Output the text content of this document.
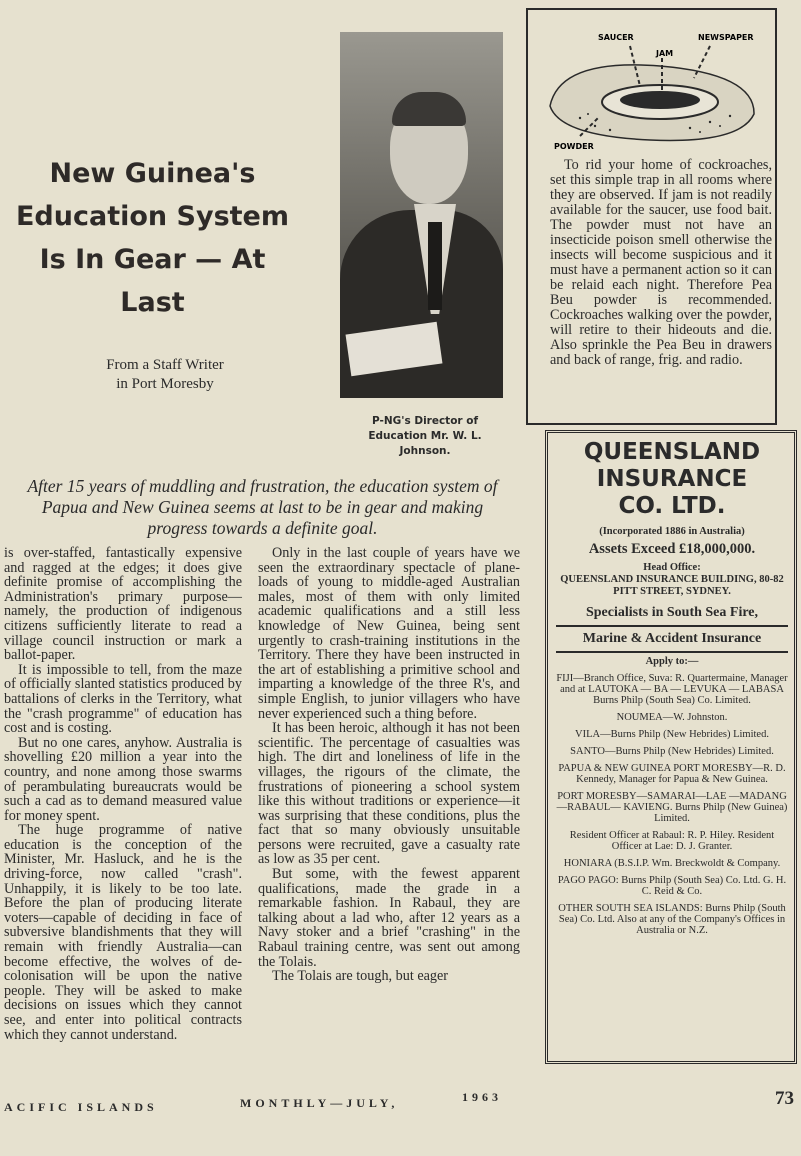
New Guinea's Education System Is In Gear — At Last
From a Staff Writer
in Port Moresby
P-NG's Director of Education Mr. W. L. Johnson.

After 15 years of muddling and frustration, the education system of Papua and New Guinea seems at last to be in gear and making progress towards a definite goal.

is over-staffed, fantastically expensive and ragged at the edges; it does give definite promise of accomplishing the Administration's primary purpose—namely, the production of indigenous citizens sufficiently literate to read a village council instruction or mark a ballot-paper.

It is impossible to tell, from the maze of officially slanted statistics produced by battalions of clerks in the Territory, what the "crash programme" of education has cost and is costing.

But no one cares, anyhow. Australia is shovelling £20 million a year into the country, and none among those swarms of perambulating bureaucrats would be such a cad as to demand measured value for money spent.

The huge programme of native education is the conception of the Minister, Mr. Hasluck, and he is the driving-force, now called "crash". Unhappily, it is likely to be too late. Before the plan of producing literate voters—capable of deciding in face of subversive blandishments that they will remain with friendly Australia—can become effective, the wolves of de-colonisation will be upon the native people. They will be asked to make decisions on issues which they cannot see, and enter into political contracts which they cannot understand.

Only in the last couple of years have we seen the extraordinary spectacle of plane-loads of young to middle-aged Australian males, most of them with only limited academic qualifications and a still less knowledge of New Guinea, being sent urgently to crash-training institutions in the Territory. There they have been instructed in the art of establishing a primitive school and imparting a knowledge of the three R's, and simple English, to junior villagers who have never experienced such a thing before.

It has been heroic, although it has not been scientific. The percentage of casualties was high. The dirt and loneliness of life in the villages, the rigours of the climate, the frustrations of pioneering a school system like this without traditions or experience—it was surprising that these conditions, plus the fact that so many obviously unsuitable persons were recruited, gave a casualty rate as low as 35 per cent.

But some, with the fewest apparent qualifications, made the grade in a remarkable fashion. In Rabaul, they are talking about a lad who, after 12 years as a Navy stoker and a brief "crashing" in the Rabaul training centre, was sent out among the Tolais.

The Tolais are tough, but eager

SAUCER
JAM
NEWSPAPER
POWDER

To rid your home of cockroaches, set this simple trap in all rooms where they are observed. If jam is not readily available for the saucer, use food bait. The powder must not have an insecticide poison smell otherwise the insects will become suspicious and it must have a permanent action so it can be relaid each night. Therefore Pea Beu powder is recommended. Cockroaches walking over the powder, will retire to their hideouts and die. Also sprinkle the Pea Beu in drawers and back of range, frig. and radio.

QUEENSLAND

INSURANCE

CO. LTD.

(Incorporated 1886 in Australia)

Assets Exceed £18,000,000.

Head Office:

QUEENSLAND INSURANCE BUILDING, 80-82 PITT STREET, SYDNEY.

Specialists in South Sea Fire,

Marine & Accident Insurance

Apply to:—

FIJI—Branch Office, Suva: R. Quartermaine, Manager and at LAUTOKA — BA — LEVUKA — LABASA Burns Philp (South Sea) Co. Limited.

NOUMEA—W. Johnston.

VILA—Burns Philp (New Hebrides) Limited.

SANTO—Burns Philp (New Hebrides) Limited.

PAPUA & NEW GUINEA PORT MORESBY—R. D. Kennedy, Manager for Papua & New Guinea.

PORT MORESBY—SAMARAI—LAE —MADANG—RABAUL— KAVIENG. Burns Philp (New Guinea) Limited.

Resident Officer at Rabaul: R. P. Hiley. Resident Officer at Lae: D. J. Granter.

HONIARA (B.S.I.P. Wm. Breckwoldt & Company.

PAGO PAGO: Burns Philp (South Sea) Co. Ltd. G. H. C. Reid & Co.

OTHER SOUTH SEA ISLANDS: Burns Philp (South Sea) Co. Ltd. Also at any of the Company's Offices in Australia or N.Z.

ACIFIC ISLANDS	MONTHLY—JULY,	1963	73
